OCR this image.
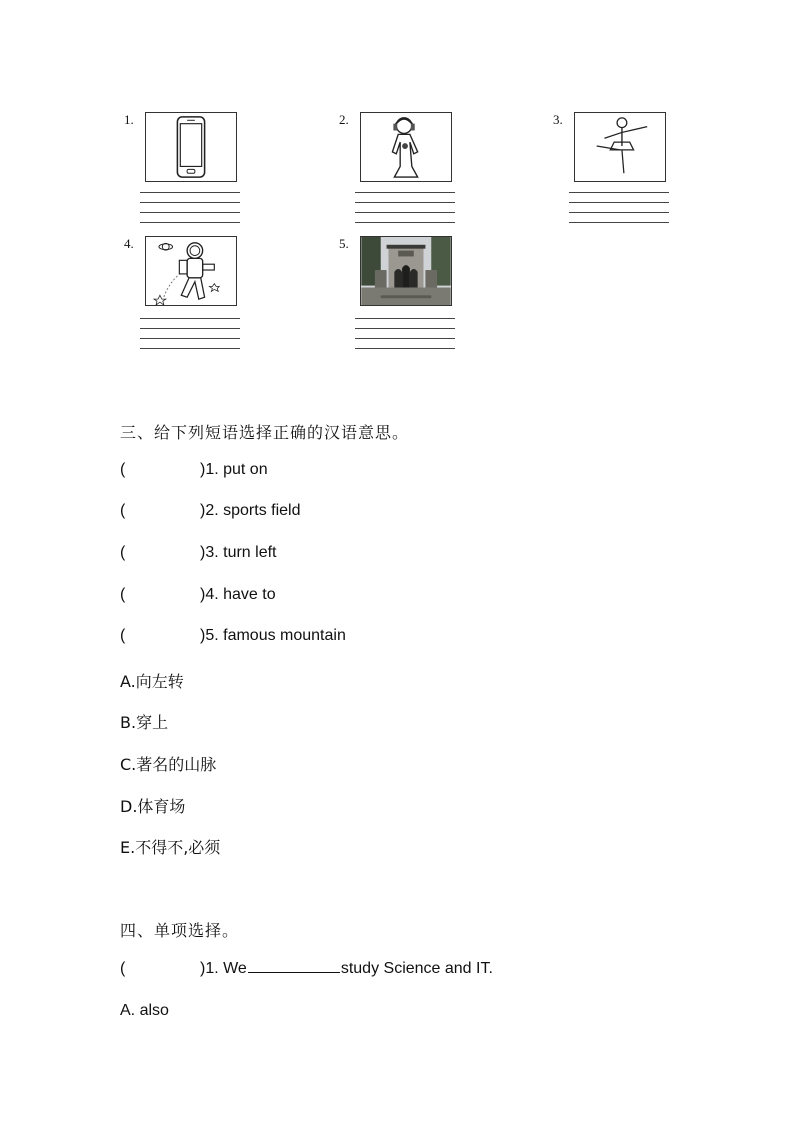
1.	2.	3.
4.	5.
三、给下列短语选择正确的汉语意思。
(	)1. put on
(	)2. sports field
(	)3. turn left
(	)4. have to
(	)5. famous mountain
A.向左转
B.穿上
C.著名的山脉
D.体育场
E.不得不,必须
四、单项选择。
(	)1. We	study Science and IT.
A. also
